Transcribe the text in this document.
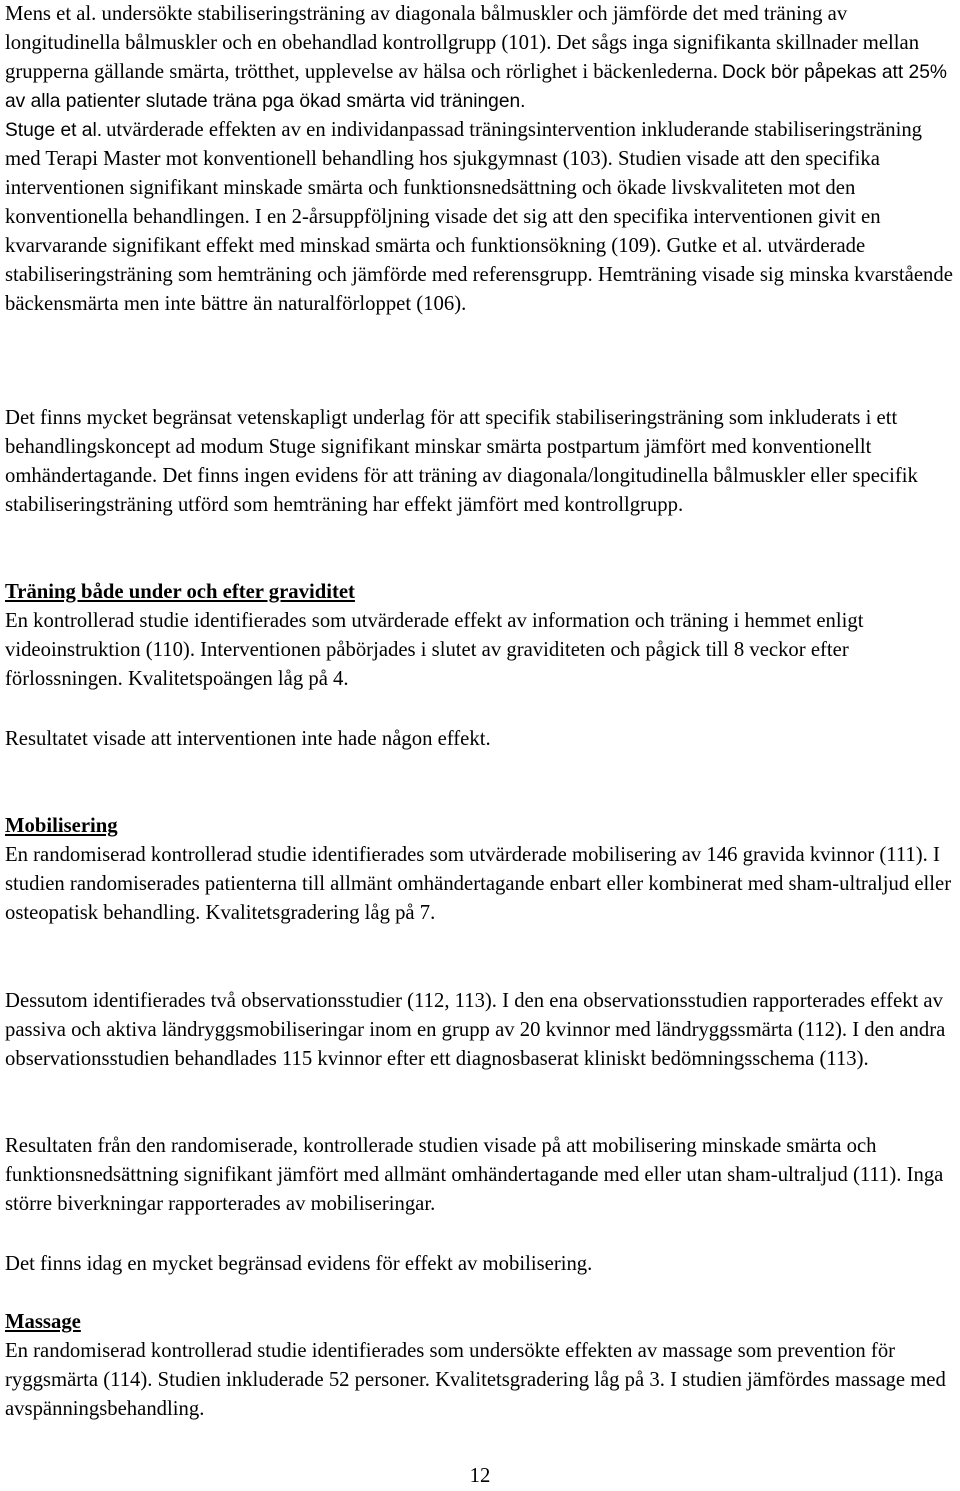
Mens et al. undersökte stabiliseringsträning av diagonala bålmuskler och jämförde det med träning av longitudinella bålmuskler och en obehandlad kontrollgrupp (101). Det sågs inga signifikanta skillnader mellan grupperna gällande smärta, trötthet, upplevelse av hälsa och rörlighet i bäckenlederna. Dock bör påpekas att 25% av alla patienter slutade träna pga ökad smärta vid träningen.

Stuge et al. utvärderade effekten av en individanpassad träningsintervention inkluderande stabiliseringsträning med Terapi Master mot konventionell behandling hos sjukgymnast (103). Studien visade att den specifika interventionen signifikant minskade smärta och funktionsnedsättning och ökade livskvaliteten mot den konventionella behandlingen. I en 2-årsuppföljning visade det sig att den specifika interventionen givit en kvarvarande signifikant effekt med minskad smärta och funktionsökning (109). Gutke et al. utvärderade stabiliseringsträning som hemträning och jämförde med referensgrupp. Hemträning visade sig minska kvarstående bäckensmärta men inte bättre än naturalförloppet (106).

Det finns mycket begränsat vetenskapligt underlag för att specifik stabiliseringsträning som inkluderats i ett behandlingskoncept ad modum Stuge signifikant minskar smärta postpartum jämfört med konventionellt omhändertagande. Det finns ingen evidens för att träning av diagonala/longitudinella bålmuskler eller specifik stabiliseringsträning utförd som hemträning har effekt jämfört med kontrollgrupp.

Träning både under och efter graviditet

En kontrollerad studie identifierades som utvärderade effekt av information och träning i hemmet enligt videoinstruktion (110). Interventionen påbörjades i slutet av graviditeten och pågick till 8 veckor efter förlossningen. Kvalitetspoängen låg på 4.

Resultatet visade att interventionen inte hade någon effekt.

Mobilisering

En randomiserad kontrollerad studie identifierades som utvärderade mobilisering av 146 gravida kvinnor (111). I studien randomiserades patienterna till allmänt omhändertagande enbart eller kombinerat med sham-ultraljud eller osteopatisk behandling. Kvalitetsgradering låg på 7.

Dessutom identifierades två observationsstudier (112, 113). I den ena observationsstudien rapporterades effekt av passiva och aktiva ländryggsmobiliseringar inom en grupp av 20 kvinnor med ländryggssmärta (112). I den andra observationsstudien behandlades 115 kvinnor efter ett diagnosbaserat kliniskt bedömningsschema (113).

Resultaten från den randomiserade, kontrollerade studien visade på att mobilisering minskade smärta och funktionsnedsättning signifikant jämfört med allmänt omhändertagande med eller utan sham-ultraljud (111). Inga större biverkningar rapporterades av mobiliseringar.

Det finns idag en mycket begränsad evidens för effekt av mobilisering.

Massage

En randomiserad kontrollerad studie identifierades som undersökte effekten av massage som prevention för ryggsmärta (114). Studien inkluderade 52 personer. Kvalitetsgradering låg på 3. I studien jämfördes massage med avspänningsbehandling.

12
